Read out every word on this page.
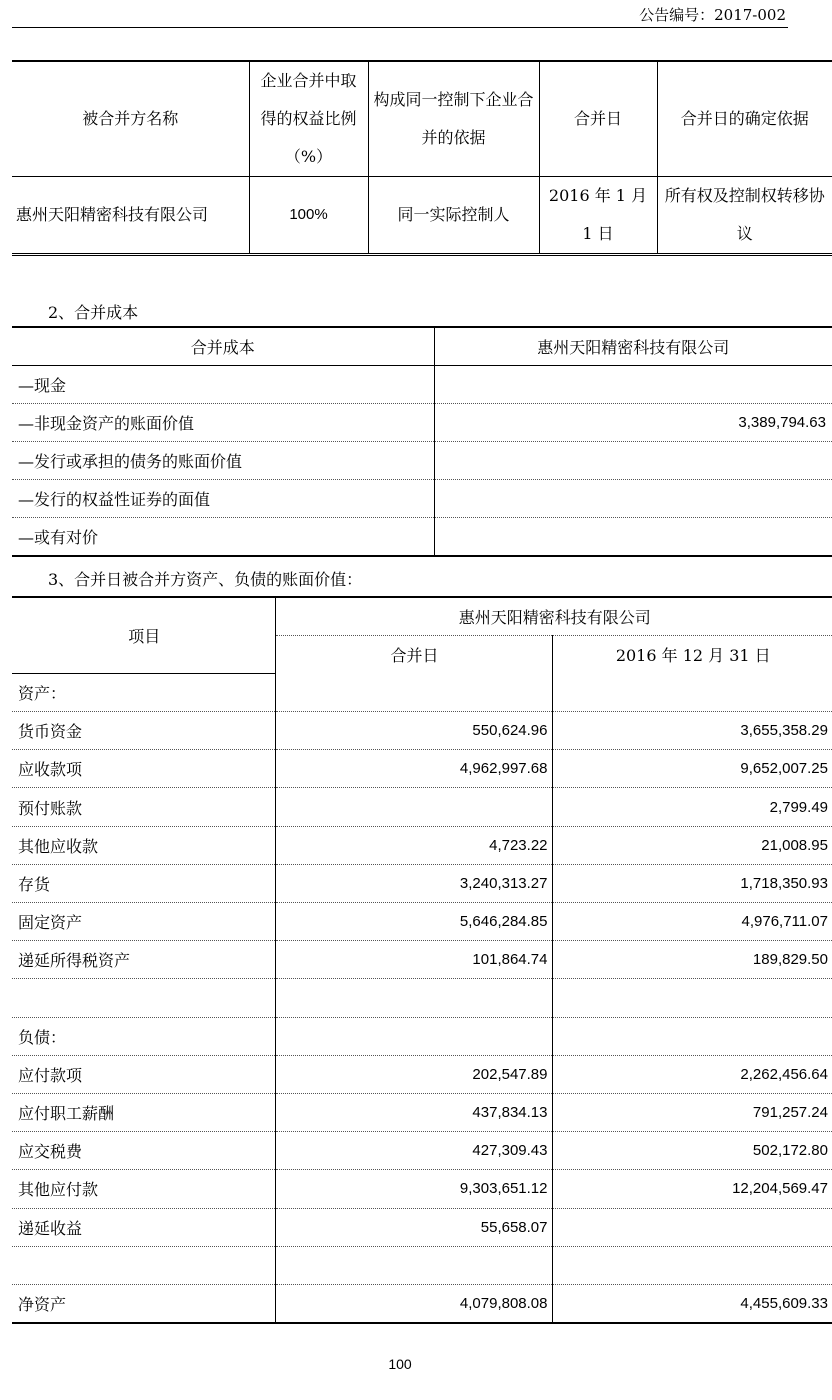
公告编号：2017-002
被合并方名称	企业合并中取得的权益比例（%）	构成同一控制下企业合并的依据	合并日	合并日的确定依据
惠州天阳精密科技有限公司	100%	同一实际控制人	2016 年 1 月 1 日	所有权及控制权转移协议
2、合并成本
合并成本	惠州天阳精密科技有限公司
—现金	
—非现金资产的账面价值	3,389,794.63
—发行或承担的债务的账面价值	
—发行的权益性证券的面值	
—或有对价	
3、合并日被合并方资产、负债的账面价值：
项目	惠州天阳精密科技有限公司	
	合并日	2016 年 12 月 31 日
资产：		
货币资金	550,624.96	3,655,358.29
应收款项	4,962,997.68	9,652,007.25
预付账款		2,799.49
其他应收款	4,723.22	21,008.95
存货	3,240,313.27	1,718,350.93
固定资产	5,646,284.85	4,976,711.07
递延所得税资产	101,864.74	189,829.50

负债：		
应付款项	202,547.89	2,262,456.64
应付职工薪酬	437,834.13	791,257.24
应交税费	427,309.43	502,172.80
其他应付款	9,303,651.12	12,204,569.47
递延收益	55,658.07	

净资产	4,079,808.08	4,455,609.33
100
